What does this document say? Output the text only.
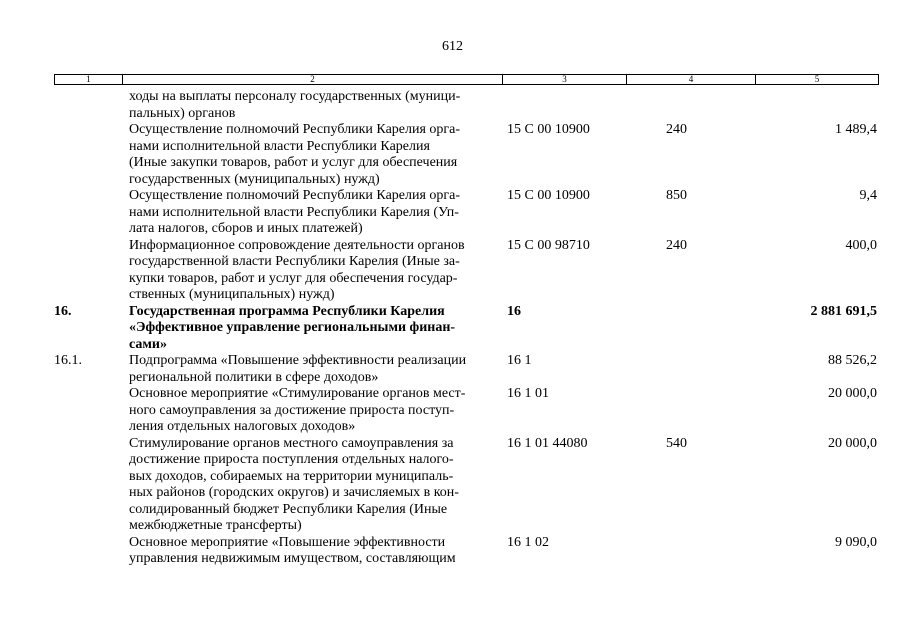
612
1	2	3	4	5
ходы на выплаты персоналу государственных (муници-
пальных) органов
Осуществление полномочий Республики Карелия орга-
нами исполнительной власти Республики Карелия
(Иные закупки товаров, работ и услуг для обеспечения
государственных (муниципальных) нужд)
15 С 00 10900	240	1 489,4
Осуществление полномочий Республики Карелия орга-
нами исполнительной власти Республики Карелия (Уп-
лата налогов, сборов и иных платежей)
15 С 00 10900	850	9,4
Информационное сопровождение деятельности органов
государственной власти Республики Карелия (Иные за-
купки товаров, работ и услуг для обеспечения государ-
ственных (муниципальных) нужд)
15 С 00 98710	240	400,0
16.	Государственная программа Республики Карелия
«Эффективное управление региональными финан-
сами»
16	2 881 691,5
16.1.	Подпрограмма «Повышение эффективности реализации
региональной политики в сфере доходов»
16 1	88 526,2
Основное мероприятие «Стимулирование органов мест-
ного самоуправления за достижение прироста поступ-
ления отдельных налоговых доходов»
16 1 01	20 000,0
Стимулирование органов местного самоуправления за
достижение прироста поступления отдельных налого-
вых доходов, собираемых на территории муниципаль-
ных районов (городских округов) и зачисляемых в кон-
солидированный бюджет Республики Карелия (Иные
межбюджетные трансферты)
16 1 01 44080	540	20 000,0
Основное мероприятие «Повышение эффективности
управления недвижимым имуществом, составляющим
16 1 02	9 090,0
